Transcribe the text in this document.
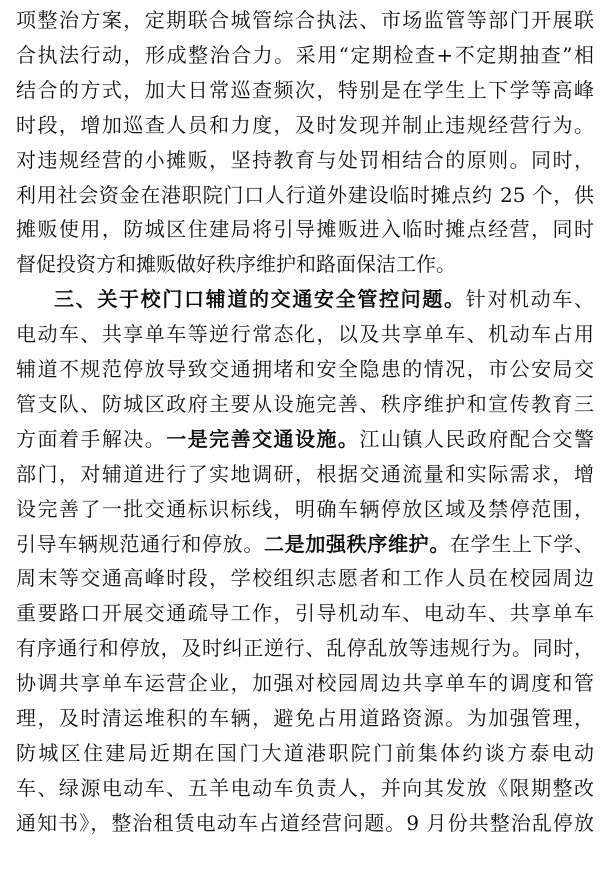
项整治方案，定期联合城管综合执法、市场监管等部门开展联
合执法行动，形成整治合力。采用“定期检查+不定期抽查”相
结合的方式，加大日常巡查频次，特别是在学生上下学等高峰
时段，增加巡查人员和力度，及时发现并制止违规经营行为。
对违规经营的小摊贩，坚持教育与处罚相结合的原则。同时，
利用社会资金在港职院门口人行道外建设临时摊点约 25 个，供
摊贩使用，防城区住建局将引导摊贩进入临时摊点经营，同时
督促投资方和摊贩做好秩序维护和路面保洁工作。
三、关于校门口辅道的交通安全管控问题。针对机动车、
电动车、共享单车等逆行常态化，以及共享单车、机动车占用
辅道不规范停放导致交通拥堵和安全隐患的情况，市公安局交
管支队、防城区政府主要从设施完善、秩序维护和宣传教育三
方面着手解决。一是完善交通设施。江山镇人民政府配合交警
部门，对辅道进行了实地调研，根据交通流量和实际需求，增
设完善了一批交通标识标线，明确车辆停放区域及禁停范围，
引导车辆规范通行和停放。二是加强秩序维护。在学生上下学、
周末等交通高峰时段，学校组织志愿者和工作人员在校园周边
重要路口开展交通疏导工作，引导机动车、电动车、共享单车
有序通行和停放，及时纠正逆行、乱停乱放等违规行为。同时，
协调共享单车运营企业，加强对校园周边共享单车的调度和管
理，及时清运堆积的车辆，避免占用道路资源。为加强管理，
防城区住建局近期在国门大道港职院门前集体约谈方泰电动
车、绿源电动车、五羊电动车负责人，并向其发放《限期整改
通知书》，整治租赁电动车占道经营问题。9 月份共整治乱停放
